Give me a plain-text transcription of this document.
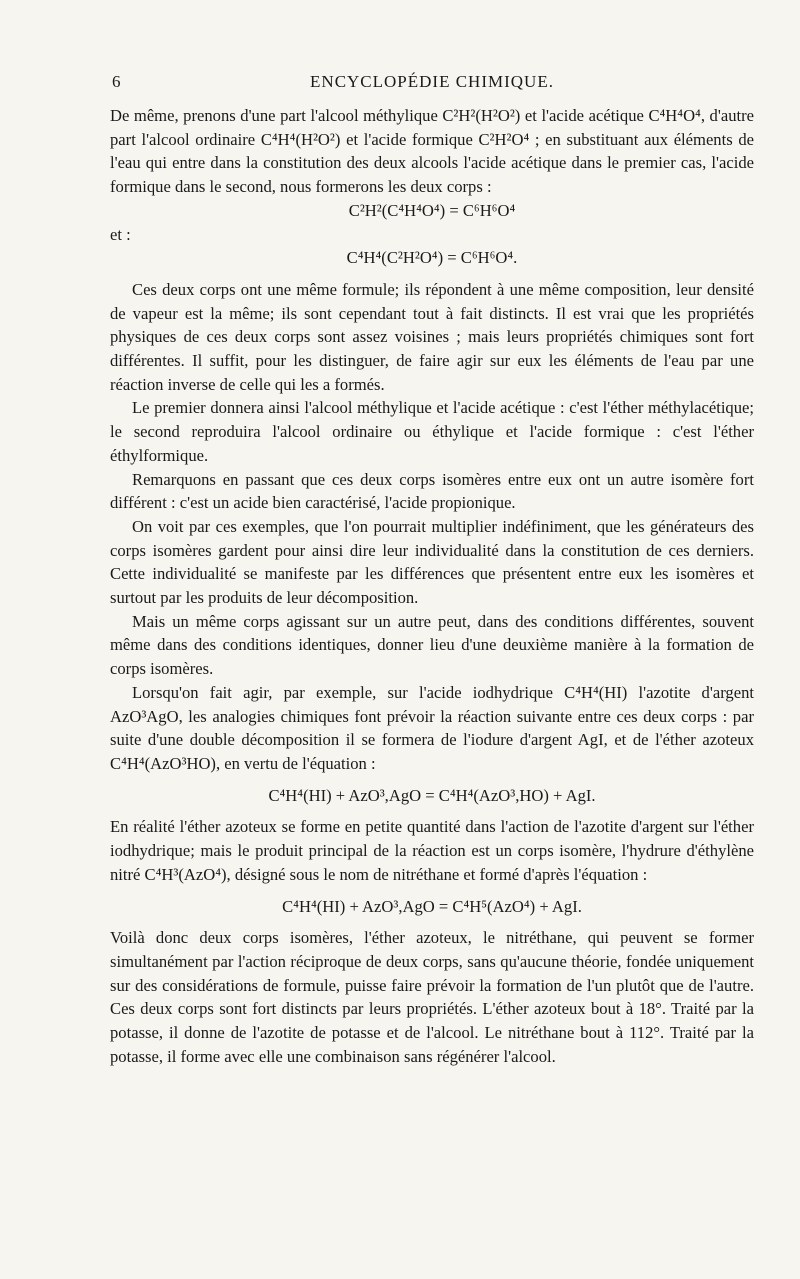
6	ENCYCLOPÉDIE CHIMIQUE.

De même, prenons d'une part l'alcool méthylique C²H²(H²O²) et l'acide acétique C⁴H⁴O⁴, d'autre part l'alcool ordinaire C⁴H⁴(H²O²) et l'acide formique C²H²O⁴ ; en substituant aux éléments de l'eau qui entre dans la constitution des deux alcools l'acide acétique dans le premier cas, l'acide formique dans le second, nous formerons les deux corps :

C²H²(C⁴H⁴O⁴) = C⁶H⁶O⁴

et :

C⁴H⁴(C²H²O⁴) = C⁶H⁶O⁴.

Ces deux corps ont une même formule; ils répondent à une même composition, leur densité de vapeur est la même; ils sont cependant tout à fait distincts. Il est vrai que les propriétés physiques de ces deux corps sont assez voisines ; mais leurs propriétés chimiques sont fort différentes. Il suffit, pour les distinguer, de faire agir sur eux les éléments de l'eau par une réaction inverse de celle qui les a formés.

Le premier donnera ainsi l'alcool méthylique et l'acide acétique : c'est l'éther méthylacétique; le second reproduira l'alcool ordinaire ou éthylique et l'acide formique : c'est l'éther éthylformique.

Remarquons en passant que ces deux corps isomères entre eux ont un autre isomère fort différent : c'est un acide bien caractérisé, l'acide propionique.

On voit par ces exemples, que l'on pourrait multiplier indéfiniment, que les générateurs des corps isomères gardent pour ainsi dire leur individualité dans la constitution de ces derniers. Cette individualité se manifeste par les différences que présentent entre eux les isomères et surtout par les produits de leur décomposition.

Mais un même corps agissant sur un autre peut, dans des conditions différentes, souvent même dans des conditions identiques, donner lieu d'une deuxième manière à la formation de corps isomères.

Lorsqu'on fait agir, par exemple, sur l'acide iodhydrique C⁴H⁴(HI) l'azotite d'argent AzO³AgO, les analogies chimiques font prévoir la réaction suivante entre ces deux corps : par suite d'une double décomposition il se formera de l'iodure d'argent AgI, et de l'éther azoteux C⁴H⁴(AzO³HO), en vertu de l'équation :

C⁴H⁴(HI) + AzO³,AgO = C⁴H⁴(AzO³,HO) + AgI.

En réalité l'éther azoteux se forme en petite quantité dans l'action de l'azotite d'argent sur l'éther iodhydrique; mais le produit principal de la réaction est un corps isomère, l'hydrure d'éthylène nitré C⁴H³(AzO⁴), désigné sous le nom de nitréthane et formé d'après l'équation :

C⁴H⁴(HI) + AzO³,AgO = C⁴H⁵(AzO⁴) + AgI.

Voilà donc deux corps isomères, l'éther azoteux, le nitréthane, qui peuvent se former simultanément par l'action réciproque de deux corps, sans qu'aucune théorie, fondée uniquement sur des considérations de formule, puisse faire prévoir la formation de l'un plutôt que de l'autre. Ces deux corps sont fort distincts par leurs propriétés. L'éther azoteux bout à 18°. Traité par la potasse, il donne de l'azotite de potasse et de l'alcool. Le nitréthane bout à 112°. Traité par la potasse, il forme avec elle une combinaison sans régénérer l'alcool.
